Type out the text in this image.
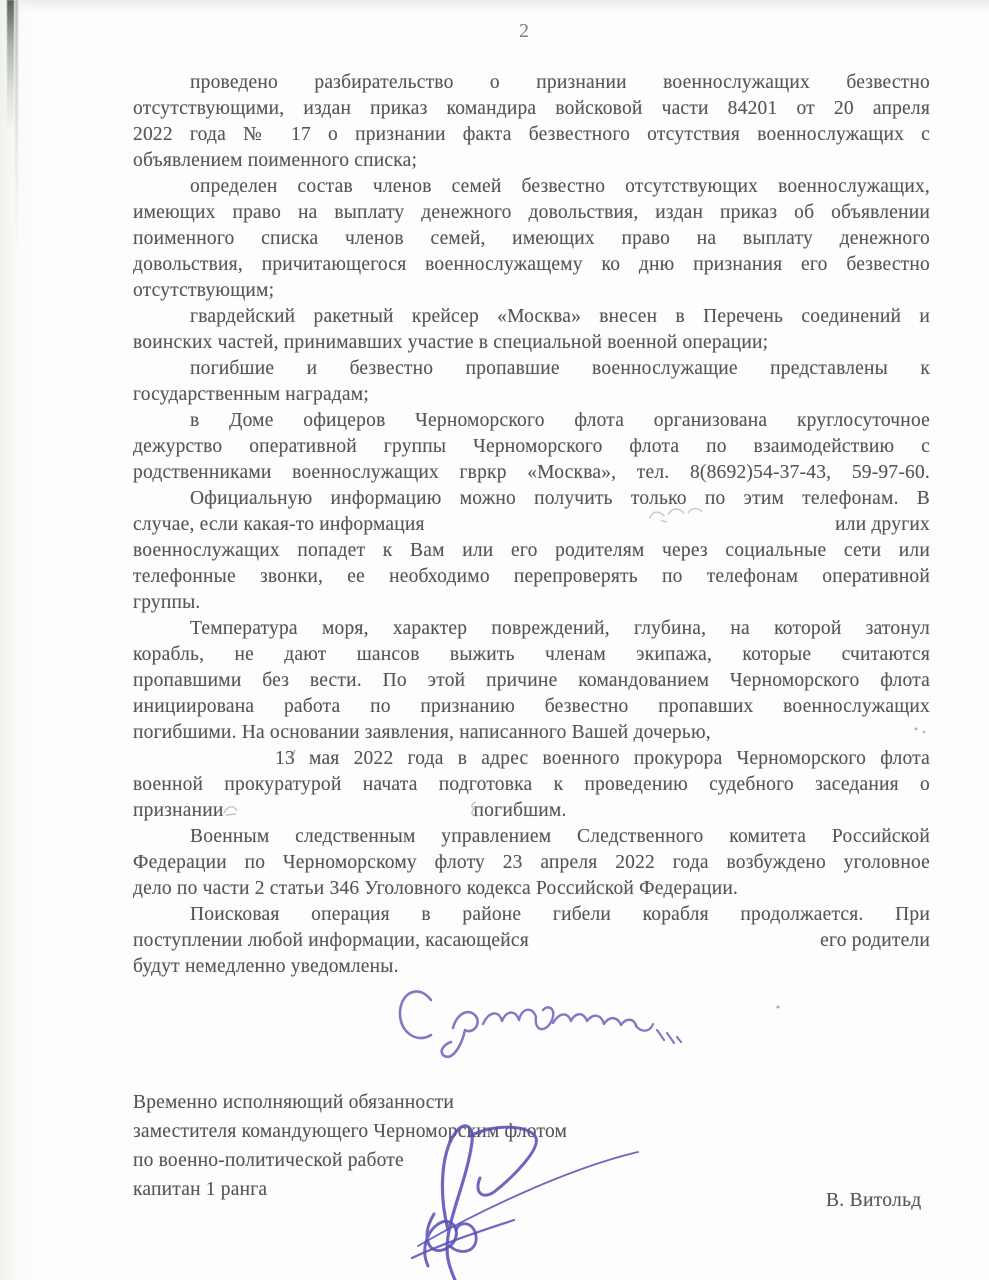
2
проведено разбирательство о признании военнослужащих безвестно
отсутствующими, издан приказ командира войсковой части 84201 от 20 апреля
2022 года № 17 о признании факта безвестного отсутствия военнослужащих с
объявлением поименного списка;
определен состав членов семей безвестно отсутствующих военнослужащих,
имеющих право на выплату денежного довольствия, издан приказ об объявлении
поименного списка членов семей, имеющих право на выплату денежного
довольствия, причитающегося военнослужащему ко дню признания его безвестно
отсутствующим;
гвардейский ракетный крейсер «Москва» внесен в Перечень соединений и
воинских частей, принимавших участие в специальной военной операции;
погибшие и безвестно пропавшие военнослужащие представлены к
государственным наградам;
в Доме офицеров Черноморского флота организована круглосуточное
дежурство оперативной группы Черноморского флота по взаимодействию с
родственниками военнослужащих гвркр «Москва», тел. 8(8692)54-37-43, 59-97-60.
Официальную информацию можно получить только по этим телефонам. В
случае, если какая-то информация	или других
военнослужащих попадет к Вам или его родителям через социальные сети или
телефонные звонки, ее необходимо перепроверять по телефонам оперативной
группы.
Температура моря, характер повреждений, глубина, на которой затонул
корабль, не дают шансов выжить членам экипажа, которые считаются
пропавшими без вести. По этой причине командованием Черноморского флота
инициирована работа по признанию безвестно пропавших военнослужащих
погибшими. На основании заявления, написанного Вашей дочерью,
13 мая 2022 года в адрес военного прокурора Черноморского флота
военной прокуратурой начата подготовка к проведению судебного заседания о
признании	погибшим.
Военным следственным управлением Следственного комитета Российской
Федерации по Черноморскому флоту 23 апреля 2022 года возбуждено уголовное
дело по части 2 статьи 346 Уголовного кодекса Российской Федерации.
Поисковая операция в районе гибели корабля продолжается. При
поступлении любой информации, касающейся	его родители
будут немедленно уведомлены.
Временно исполняющий обязанности
заместителя командующего Черноморским флотом
по военно-политической работе
капитан 1 ранга
В. Витольд
